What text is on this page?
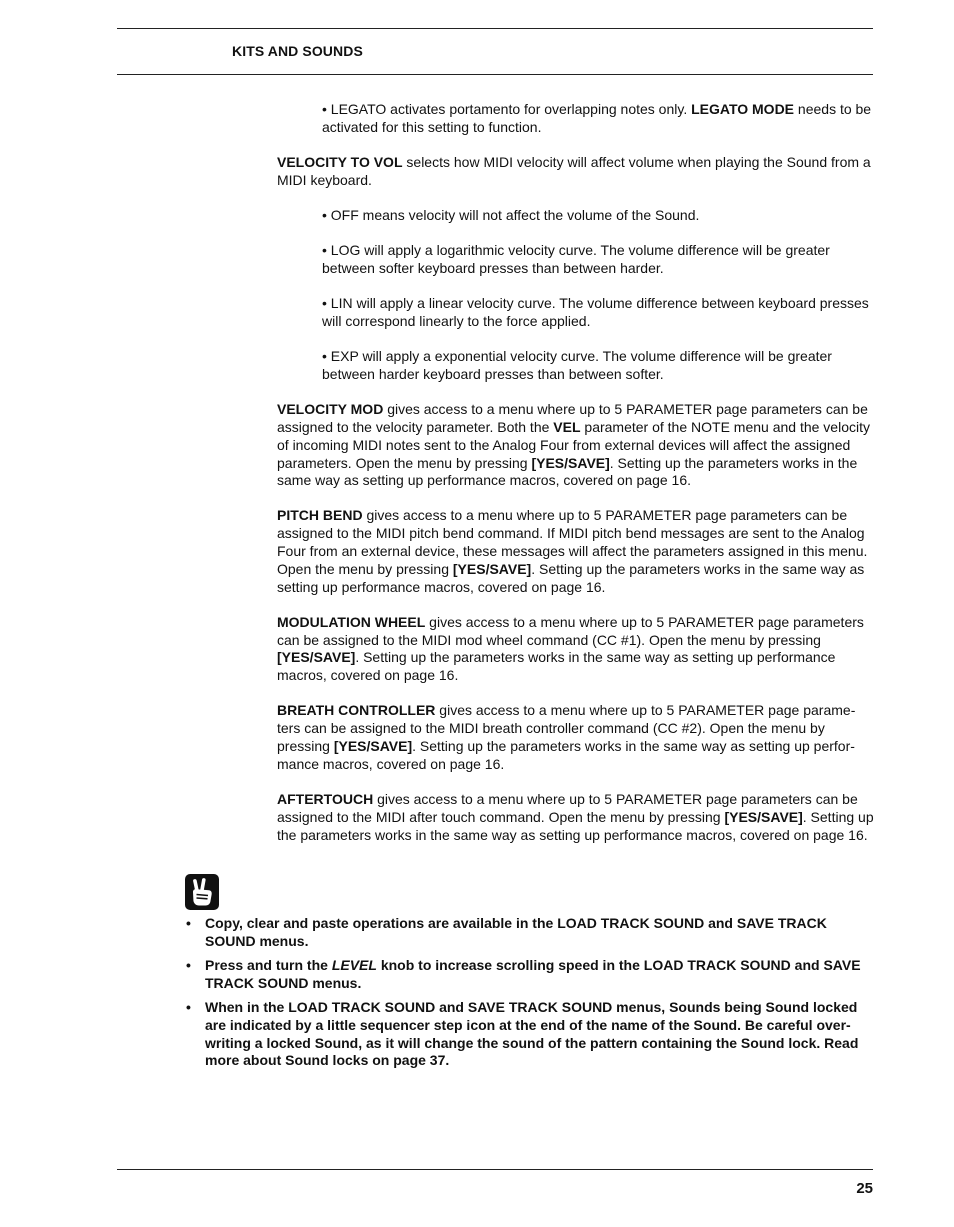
KITS AND SOUNDS

• LEGATO activates portamento for overlapping notes only. LEGATO MODE needs to be activated for this setting to function.

VELOCITY TO VOL selects how MIDI velocity will affect volume when playing the Sound from a MIDI keyboard.

• OFF means velocity will not affect the volume of the Sound.

• LOG will apply a logarithmic velocity curve. The volume difference will be greater between softer keyboard presses than between harder.

• LIN will apply a linear velocity curve. The volume difference between keyboard presses will correspond linearly to the force applied.

• EXP will apply a exponential velocity curve. The volume difference will be greater between harder keyboard presses than between softer.

VELOCITY MOD gives access to a menu where up to 5 PARAMETER page parameters can be assigned to the velocity parameter. Both the VEL parameter of the NOTE menu and the velocity of incoming MIDI notes sent to the Analog Four from external devices will affect the assigned parameters. Open the menu by pressing [YES/SAVE]. Setting up the parameters works in the same way as setting up performance macros, covered on page 16.

PITCH BEND gives access to a menu where up to 5 PARAMETER page parameters can be assigned to the MIDI pitch bend command. If MIDI pitch bend messages are sent to the Analog Four from an external device, these messages will affect the parameters assigned in this menu. Open the menu by pressing [YES/SAVE]. Setting up the parameters works in the same way as setting up performance macros, covered on page 16.

MODULATION WHEEL gives access to a menu where up to 5 PARAMETER page parameters can be assigned to the MIDI mod wheel command (CC #1). Open the menu by pressing [YES/SAVE]. Setting up the parameters works in the same way as setting up performance macros, covered on page 16.

BREATH CONTROLLER gives access to a menu where up to 5 PARAMETER page parameters can be assigned to the MIDI breath controller command (CC #2). Open the menu by pressing [YES/SAVE]. Setting up the parameters works in the same way as setting up performance macros, covered on page 16.

AFTERTOUCH gives access to a menu where up to 5 PARAMETER page parameters can be assigned to the MIDI after touch command. Open the menu by pressing [YES/SAVE]. Setting up the parameters works in the same way as setting up performance macros, covered on page 16.

• Copy, clear and paste operations are available in the LOAD TRACK SOUND and SAVE TRACK SOUND menus.
• Press and turn the LEVEL knob to increase scrolling speed in the LOAD TRACK SOUND and SAVE TRACK SOUND menus.
• When in the LOAD TRACK SOUND and SAVE TRACK SOUND menus, Sounds being Sound locked are indicated by a little sequencer step icon at the end of the name of the Sound. Be careful overwriting a locked Sound, as it will change the sound of the pattern containing the Sound lock. Read more about Sound locks on page 37.
25
